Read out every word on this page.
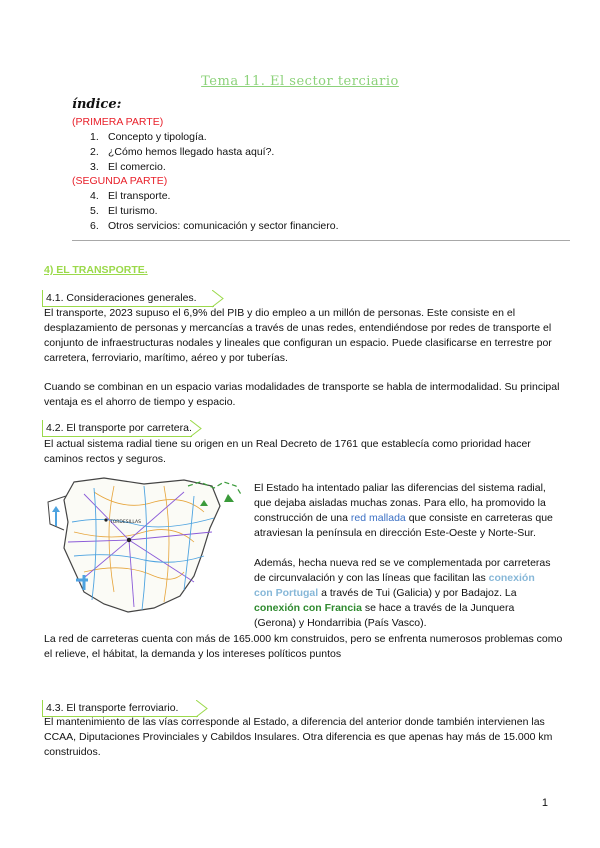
Tema 11. El sector terciario
índice:
(PRIMERA PARTE)
1. Concepto y tipología.
2. ¿Cómo hemos llegado hasta aquí?.
3. El comercio.
(SEGUNDA PARTE)
4. El transporte.
5. El turismo.
6. Otros servicios: comunicación y sector financiero.
4) EL TRANSPORTE.
4.1. Consideraciones generales.
El transporte, 2023 supuso el 6,9% del PIB y dio empleo a un millón de personas. Este consiste en el desplazamiento de personas y mercancías a través de unas redes, entendiéndose por redes de transporte el conjunto de infraestructuras nodales y lineales que configuran un espacio. Puede clasificarse en terrestre por carretera, ferroviario, marítimo, aéreo y por tuberías.
Cuando se combinan en un espacio varias modalidades de transporte se habla de intermodalidad. Su principal ventaja es el ahorro de tiempo y espacio.
4.2. El transporte por carretera.
El actual sistema radial tiene su origen en un Real Decreto de 1761 que establecía como prioridad hacer caminos rectos y seguros.
TORDESILLAS
El Estado ha intentado paliar las diferencias del sistema radial, que dejaba aisladas muchas zonas. Para ello, ha promovido la construcción de una red mallada que consiste en carreteras que atraviesan la península en dirección Este-Oeste y Norte-Sur.
Además, hecha nueva red se ve complementada por carreteras de circunvalación y con las líneas que facilitan las conexión con Portugal a través de Tui (Galicia) y por Badajoz. La conexión con Francia se hace a través de la Junquera (Gerona) y Hondarribia (País Vasco).
La red de carreteras cuenta con más de 165.000 km construidos, pero se enfrenta numerosos problemas como el relieve, el hábitat, la demanda y los intereses políticos puntos
4.3. El transporte ferroviario.
El mantenimiento de las vías corresponde al Estado, a diferencia del anterior donde también intervienen las CCAA, Diputaciones Provinciales y Cabildos Insulares. Otra diferencia es que apenas hay más de 15.000 km construidos.
1
